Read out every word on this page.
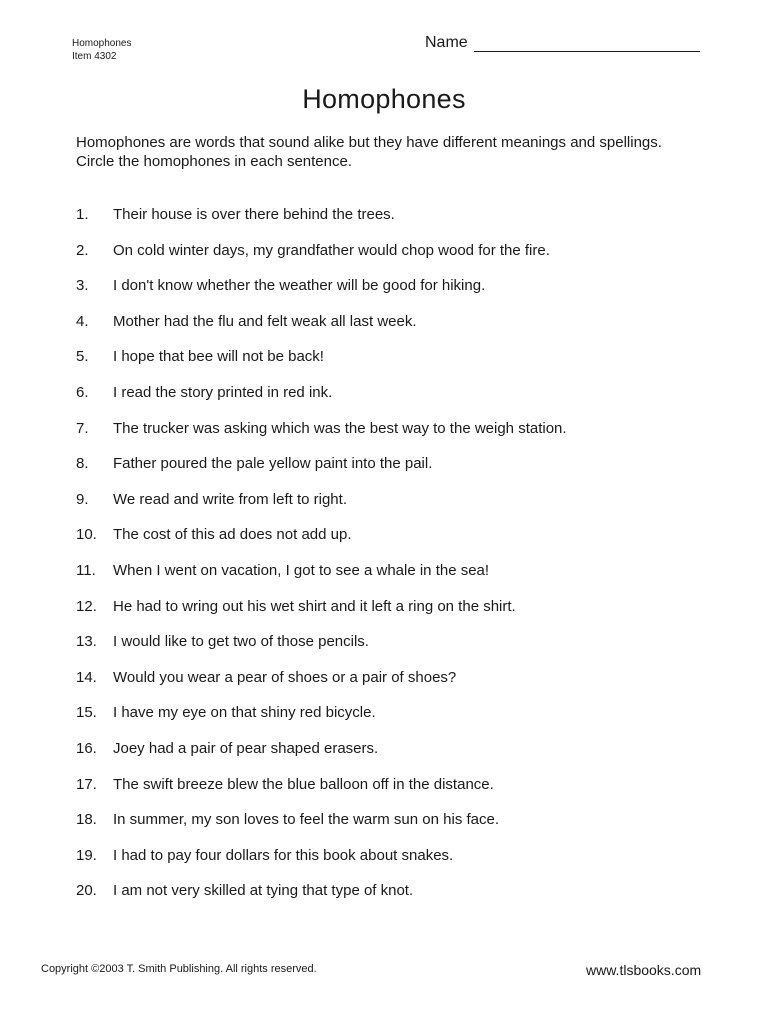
Homophones
Item 4302
Name
Homophones
Homophones are words that sound alike but they have different meanings and spellings.
Circle the homophones in each sentence.
1.	Their house is over there behind the trees.
2.	On cold winter days, my grandfather would chop wood for the fire.
3.	I don't know whether the weather will be good for hiking.
4.	Mother had the flu and felt weak all last week.
5.	I hope that bee will not be back!
6.	I read the story printed in red ink.
7.	The trucker was asking which was the best way to the weigh station.
8.	Father poured the pale yellow paint into the pail.
9.	We read and write from left to right.
10.	The cost of this ad does not add up.
11.	When I went on vacation, I got to see a whale in the sea!
12.	He had to wring out his wet shirt and it left a ring on the shirt.
13.	I would like to get two of those pencils.
14.	Would you wear a pear of shoes or a pair of shoes?
15.	I have my eye on that shiny red bicycle.
16.	Joey had a pair of pear shaped erasers.
17.	The swift breeze blew the blue balloon off in the distance.
18.	In summer, my son loves to feel the warm sun on his face.
19.	I had to pay four dollars for this book about snakes.
20.	I am not very skilled at tying that type of knot.
Copyright ©2003 T. Smith Publishing. All rights reserved.	www.tlsbooks.com
